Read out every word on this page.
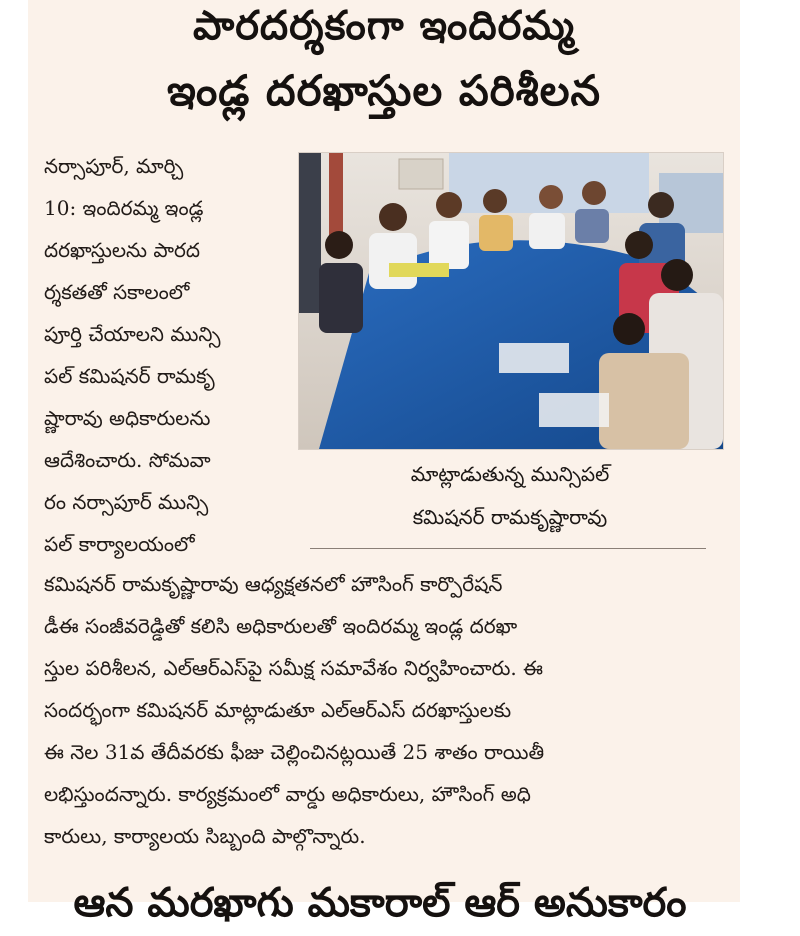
పారదర్శకంగా ఇందిరమ్మ
ఇండ్ల దరఖాస్తుల పరిశీలన
నర్సాపూర్, మార్చి
10: ఇందిరమ్మ ఇండ్ల
దరఖాస్తులను పారద
ర్శకతతో సకాలంలో
పూర్తి చేయాలని మున్సి
పల్ కమిషనర్ రామకృ
ష్ణారావు అధికారులను
ఆదేశించారు. సోమవా
రం నర్సాపూర్ మున్సి
పల్ కార్యాలయంలో
మాట్లాడుతున్న మున్సిపల్
కమిషనర్ రామకృష్ణారావు
కమిషనర్ రామకృష్ణారావు ఆధ్యక్షతనలో హౌసింగ్ కార్పొరేషన్
డీఈ సంజీవరెడ్డితో కలిసి అధికారులతో ఇందిరమ్మ ఇండ్ల దరఖా
స్తుల పరిశీలన, ఎల్ఆర్ఎస్‌పై సమీక్ష సమావేశం నిర్వహించారు. ఈ
సందర్భంగా కమిషనర్ మాట్లాడుతూ ఎల్ఆర్ఎస్ దరఖాస్తులకు
ఈ నెల 31వ తేదీవరకు ఫీజు చెల్లించినట్లయితే 25 శాతం రాయితీ
లభిస్తుందన్నారు. కార్యక్రమంలో వార్డు అధికారులు, హౌసింగ్ అధి
కారులు, కార్యాలయ సిబ్బంది పాల్గొన్నారు.
ఆన మరఖాగు మకారాల్ ఆర్ అనుకారం
